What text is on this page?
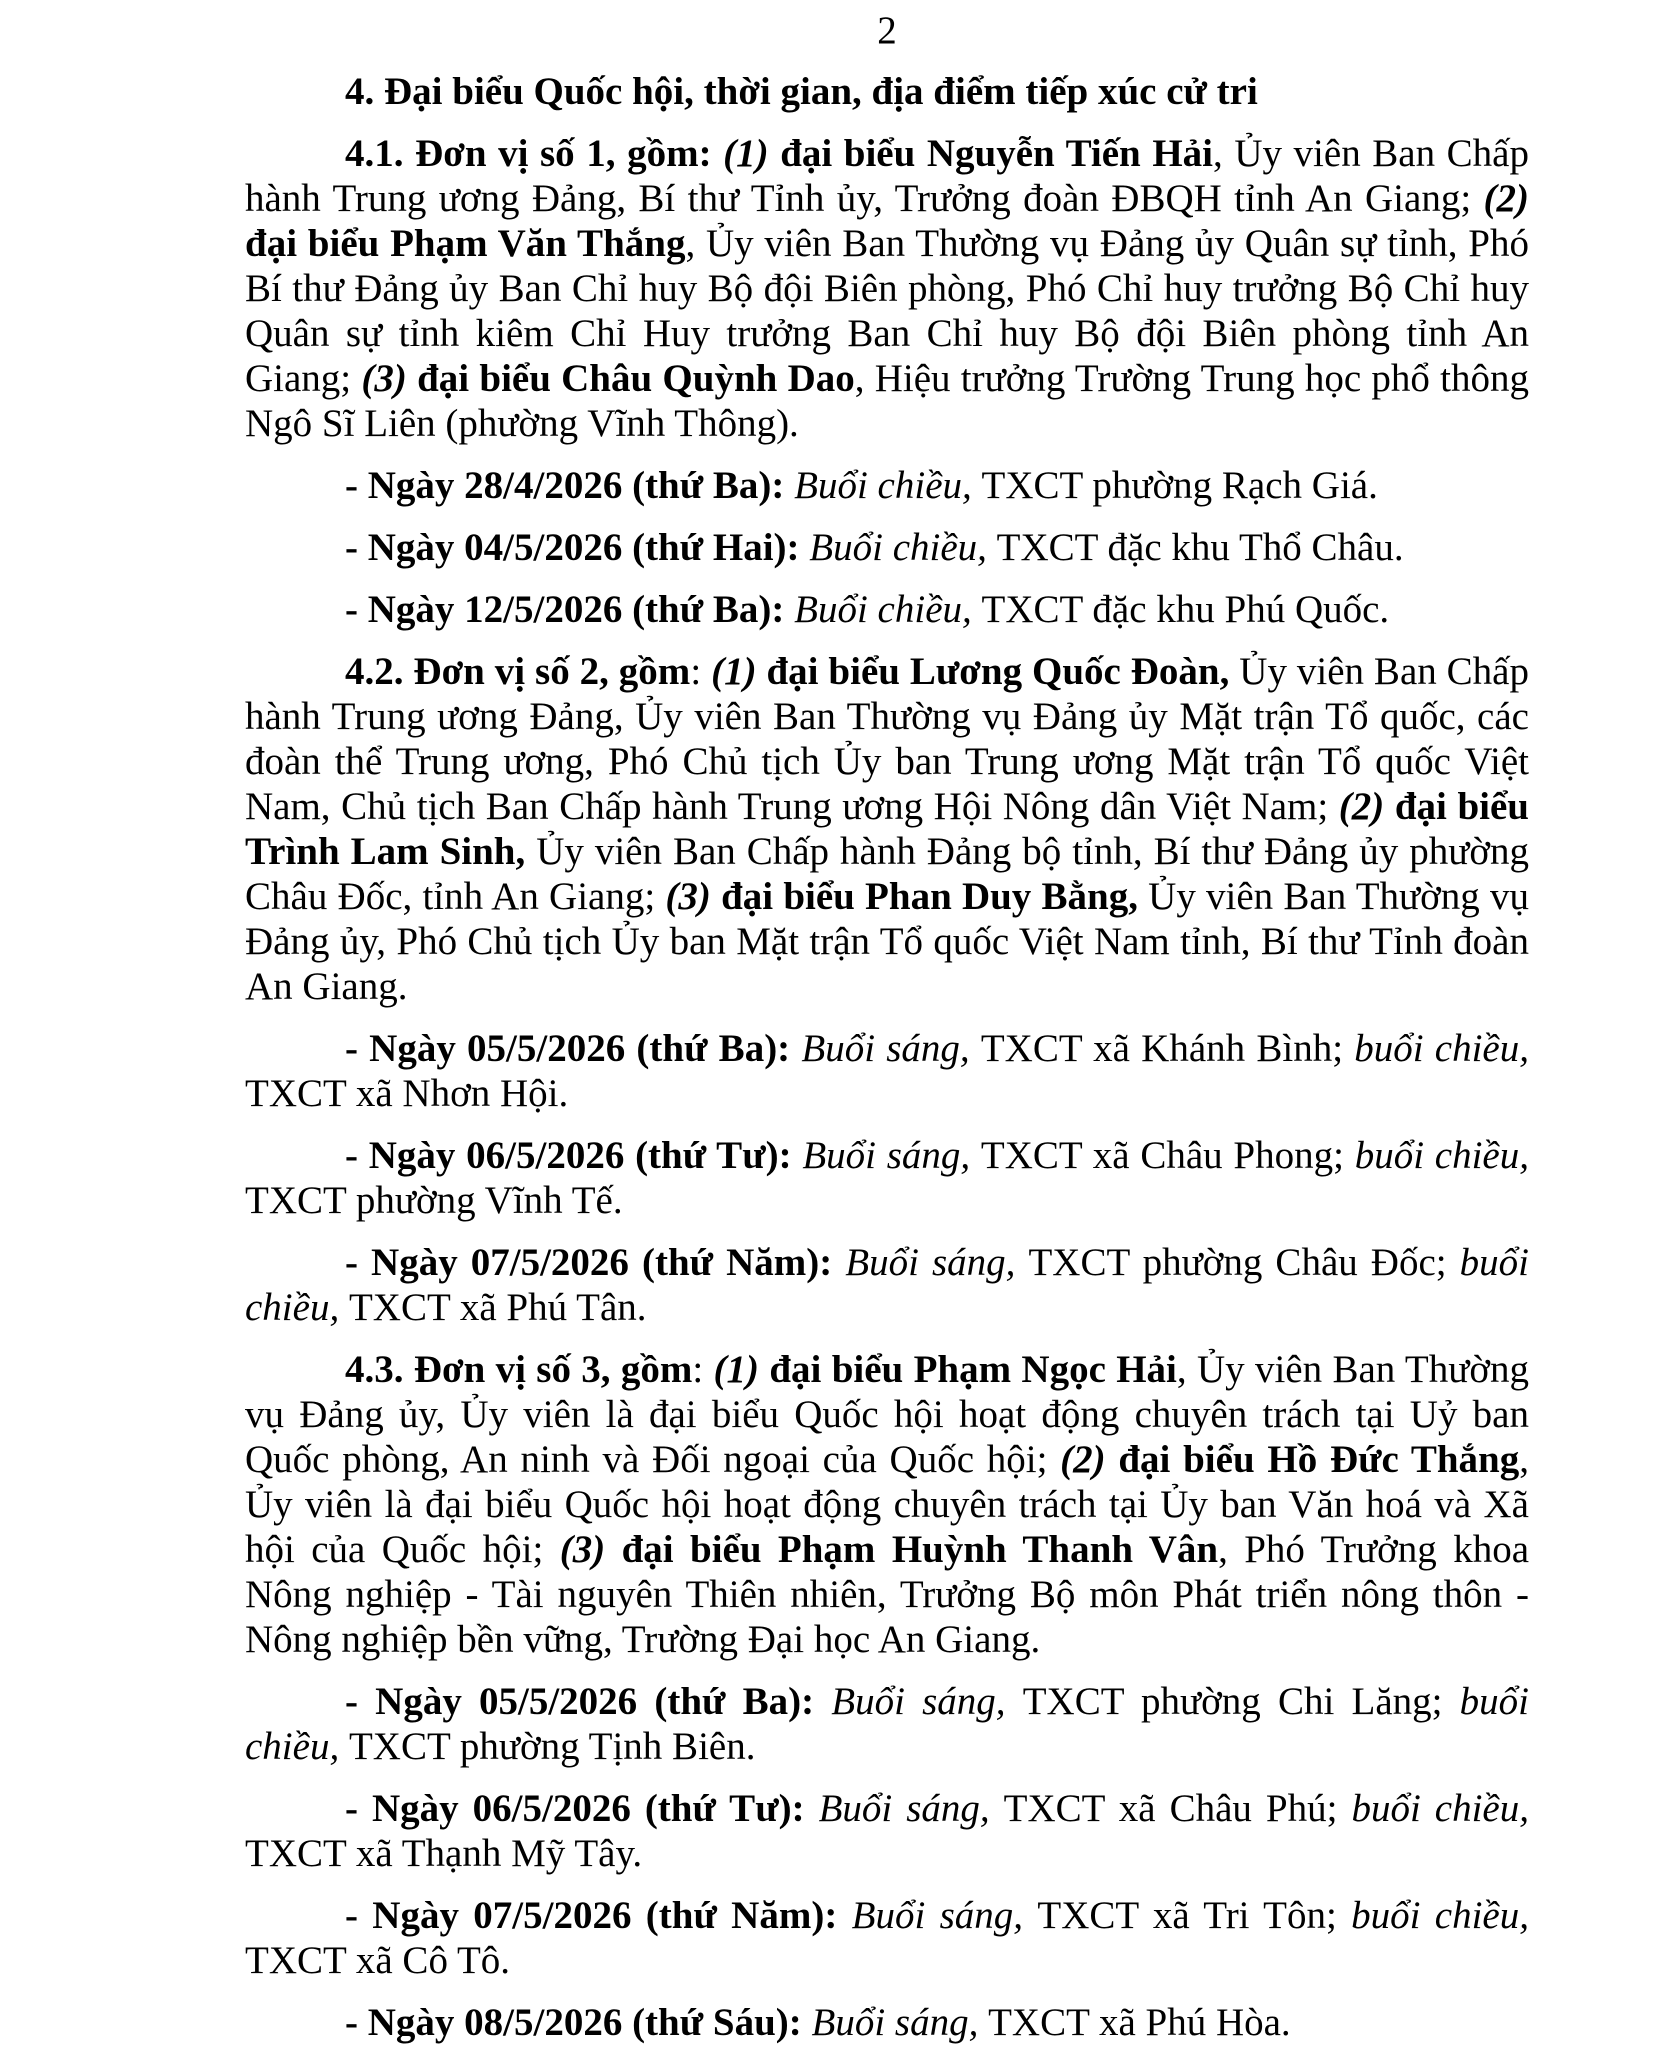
2

4. Đại biểu Quốc hội, thời gian, địa điểm tiếp xúc cử tri

4.1. Đơn vị số 1, gồm: (1) đại biểu Nguyễn Tiến Hải, Ủy viên Ban Chấp hành Trung ương Đảng, Bí thư Tỉnh ủy, Trưởng đoàn ĐBQH tỉnh An Giang; (2) đại biểu Phạm Văn Thắng, Ủy viên Ban Thường vụ Đảng ủy Quân sự tỉnh, Phó Bí thư Đảng ủy Ban Chỉ huy Bộ đội Biên phòng, Phó Chỉ huy trưởng Bộ Chỉ huy Quân sự tỉnh kiêm Chỉ Huy trưởng Ban Chỉ huy Bộ đội Biên phòng tỉnh An Giang; (3) đại biểu Châu Quỳnh Dao, Hiệu trưởng Trường Trung học phổ thông Ngô Sĩ Liên (phường Vĩnh Thông).

- Ngày 28/4/2026 (thứ Ba): Buổi chiều, TXCT phường Rạch Giá.

- Ngày 04/5/2026 (thứ Hai): Buổi chiều, TXCT đặc khu Thổ Châu.

- Ngày 12/5/2026 (thứ Ba): Buổi chiều, TXCT đặc khu Phú Quốc.

4.2. Đơn vị số 2, gồm: (1) đại biểu Lương Quốc Đoàn, Ủy viên Ban Chấp hành Trung ương Đảng, Ủy viên Ban Thường vụ Đảng ủy Mặt trận Tổ quốc, các đoàn thể Trung ương, Phó Chủ tịch Ủy ban Trung ương Mặt trận Tổ quốc Việt Nam, Chủ tịch Ban Chấp hành Trung ương Hội Nông dân Việt Nam; (2) đại biểu Trình Lam Sinh, Ủy viên Ban Chấp hành Đảng bộ tỉnh, Bí thư Đảng ủy phường Châu Đốc, tỉnh An Giang; (3) đại biểu Phan Duy Bằng, Ủy viên Ban Thường vụ Đảng ủy, Phó Chủ tịch Ủy ban Mặt trận Tổ quốc Việt Nam tỉnh, Bí thư Tỉnh đoàn An Giang.

- Ngày 05/5/2026 (thứ Ba): Buổi sáng, TXCT xã Khánh Bình; buổi chiều, TXCT xã Nhơn Hội.

- Ngày 06/5/2026 (thứ Tư): Buổi sáng, TXCT xã Châu Phong; buổi chiều, TXCT phường Vĩnh Tế.

- Ngày 07/5/2026 (thứ Năm): Buổi sáng, TXCT phường Châu Đốc; buổi chiều, TXCT xã Phú Tân.

4.3. Đơn vị số 3, gồm: (1) đại biểu Phạm Ngọc Hải, Ủy viên Ban Thường vụ Đảng ủy, Ủy viên là đại biểu Quốc hội hoạt động chuyên trách tại Uỷ ban Quốc phòng, An ninh và Đối ngoại của Quốc hội; (2) đại biểu Hồ Đức Thắng, Ủy viên là đại biểu Quốc hội hoạt động chuyên trách tại Ủy ban Văn hoá và Xã hội của Quốc hội; (3) đại biểu Phạm Huỳnh Thanh Vân, Phó Trưởng khoa Nông nghiệp - Tài nguyên Thiên nhiên, Trưởng Bộ môn Phát triển nông thôn - Nông nghiệp bền vững, Trường Đại học An Giang.

- Ngày 05/5/2026 (thứ Ba): Buổi sáng, TXCT phường Chi Lăng; buổi chiều, TXCT phường Tịnh Biên.

- Ngày 06/5/2026 (thứ Tư): Buổi sáng, TXCT xã Châu Phú; buổi chiều, TXCT xã Thạnh Mỹ Tây.

- Ngày 07/5/2026 (thứ Năm): Buổi sáng, TXCT xã Tri Tôn; buổi chiều, TXCT xã Cô Tô.

- Ngày 08/5/2026 (thứ Sáu): Buổi sáng, TXCT xã Phú Hòa.
